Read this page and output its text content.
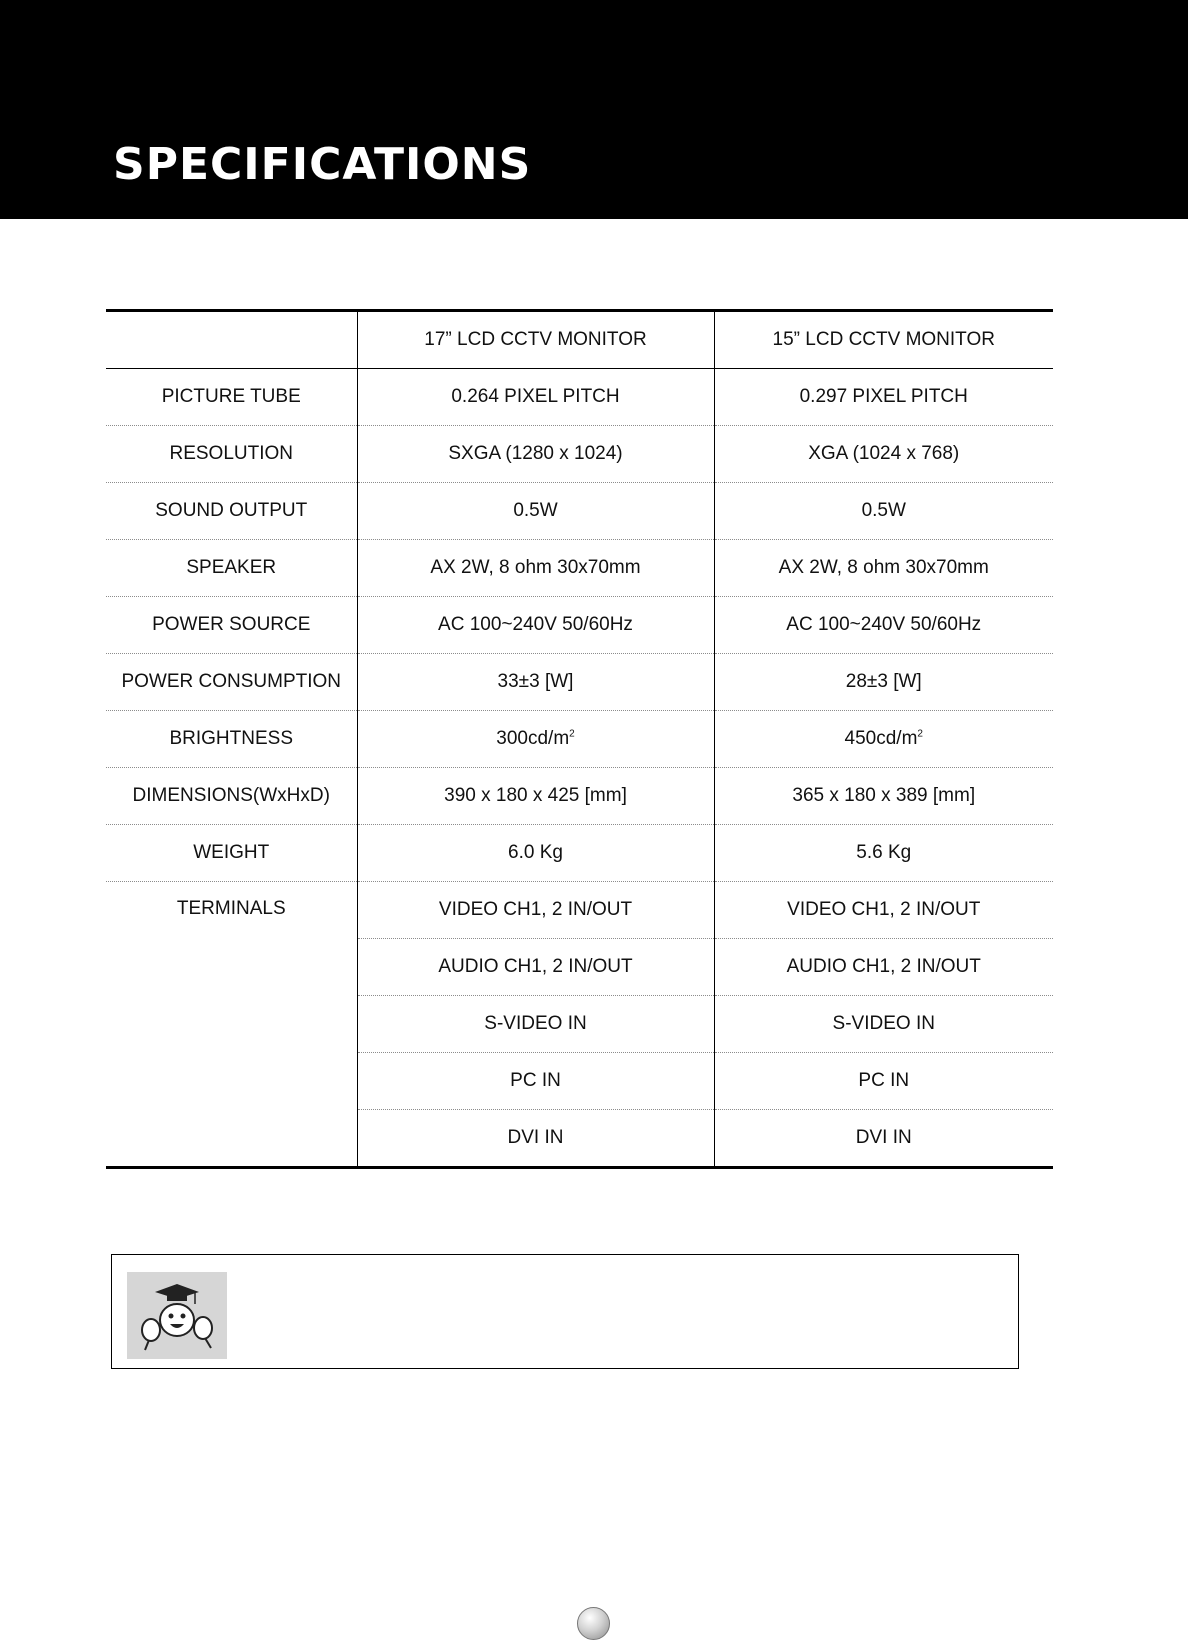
SPECIFICATIONS
	17” LCD CCTV MONITOR	15” LCD CCTV MONITOR
PICTURE TUBE	0.264 PIXEL PITCH	0.297 PIXEL PITCH
RESOLUTION	SXGA (1280 x 1024)	XGA (1024 x 768)
SOUND OUTPUT	0.5W	0.5W
SPEAKER	AX 2W, 8 ohm 30x70mm	AX 2W, 8 ohm 30x70mm
POWER SOURCE	AC 100~240V 50/60Hz	AC 100~240V 50/60Hz
POWER CONSUMPTION	33±3 [W]	28±3 [W]
BRIGHTNESS	$300cd/m^2$	$450cd/m^2$
DIMENSIONS(WxHxD)	390 x 180 x 425 [mm]	365 x 180 x 389 [mm]
WEIGHT	6.0 Kg	5.6 Kg
TERMINALS	VIDEO CH1, 2 IN/OUT	VIDEO CH1, 2 IN/OUT
	AUDIO CH1, 2 IN/OUT	AUDIO CH1, 2 IN/OUT
	S-VIDEO IN	S-VIDEO IN
	PC IN	PC IN
	DVI IN	DVI IN
